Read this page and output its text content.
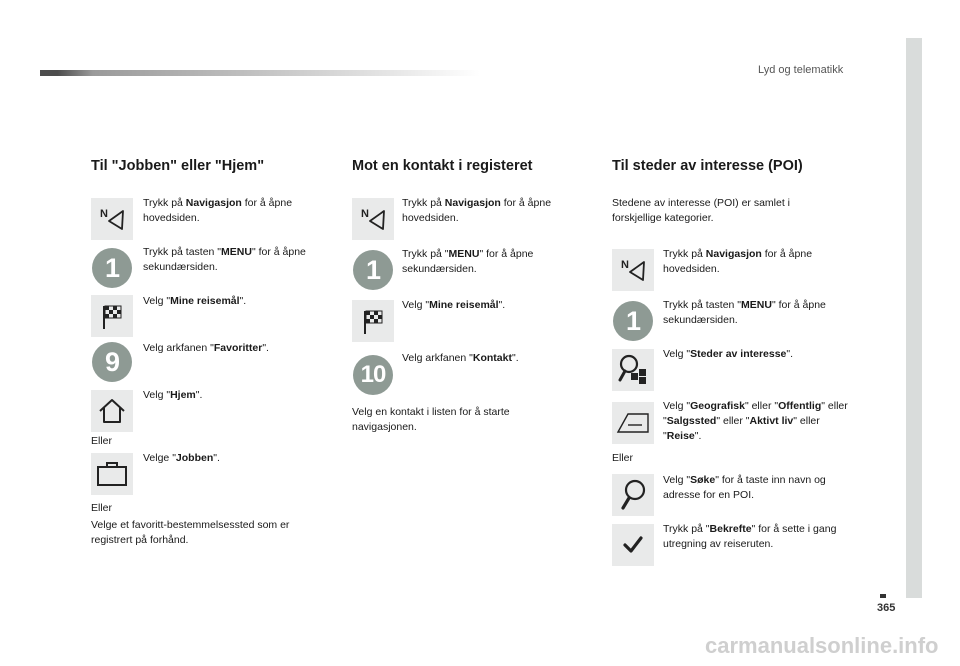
Lyd og telematikk
365
carmanualsonline.info
Til "Jobben" eller "Hjem"
N
Trykk på Navigasjon for å åpne hovedsiden.
1
Trykk på tasten "MENU" for å åpne sekundærsiden.
Velg "Mine reisemål".
9	Velg arkfanen "Favoritter".
Velg "Hjem".
Eller
Velge "Jobben".
Eller
Velge et favoritt-bestemmelsessted som er registrert på forhånd.
Mot en kontakt i registeret
N
Trykk på Navigasjon for å åpne hovedsiden.
1
Trykk på "MENU" for å åpne sekundærsiden.
Velg "Mine reisemål".
10
Velg arkfanen "Kontakt".
Velg en kontakt i listen for å starte navigasjonen.
Til steder av interesse (POI)
Stedene av interesse (POI) er samlet i forskjellige kategorier.
N
Trykk på Navigasjon for å åpne hovedsiden.
1
Trykk på tasten "MENU" for å åpne sekundærsiden.
Velg "Steder av interesse".
Velg "Geografisk" eller "Offentlig" eller "Salgssted" eller "Aktivt liv" eller "Reise".
Eller
Velg "Søke" for å taste inn navn og adresse for en POI.
Trykk på "Bekrefte" for å sette i gang utregning av reiseruten.
